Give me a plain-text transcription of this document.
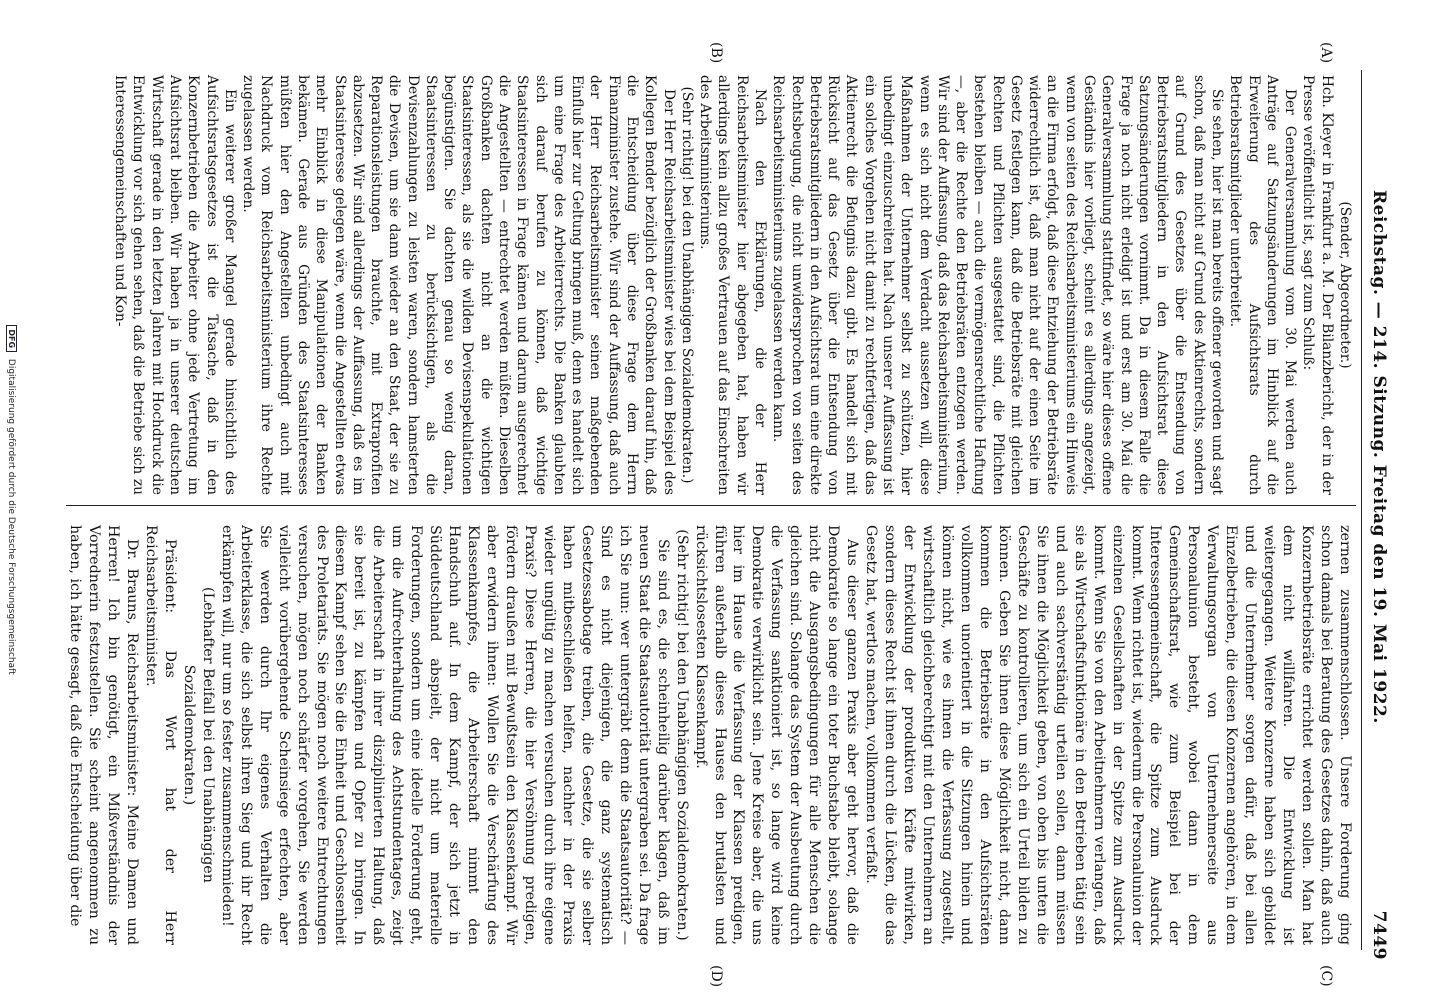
Reichstag. — 214. Sitzung. Freitag den 19. Mai 1922.
7449
(A)
(B)
(C)
(D)

(Sender, Abgeordneter.)

Hch. Kleyer in Frankfurt a. M. Der Bilanzbericht, der in der Presse veröffentlicht ist, sagt zum Schluß:

Der Generalversammlung vom 30. Mai werden auch Anträge auf Satzungsänderungen im Hinblick auf die Erweiterung des Aufsichtsrats durch Betriebsratsmitglieder unterbreitet.

Sie sehen, hier ist man bereits offener geworden und sagt schon, daß man nicht auf Grund des Aktienrechts, sondern auf Grund des Gesetzes über die Entsendung von Betriebsratsmitgliedern in den Aufsichtsrat diese Satzungsänderungen vornimmt. Da in diesem Falle die Frage ja noch nicht erledigt ist und erst am 30. Mai die Generalversammlung stattfindet, so wäre hier dieses offene Geständnis hier vorliegt, scheint es allerdings angezeigt, wenn von seiten des Reichsarbeitsministeriums ein Hinweis an die Firma erfolgt, daß diese Entziehung der Betriebsräte widerrechtlich ist, daß man nicht auf der einen Seite im Gesetz festlegen kann, daß die Betriebsräte mit gleichen Rechten und Pflichten ausgestattet sind, die Pflichten bestehen bleiben — auch die vermögensrechtliche Haftung —, aber die Rechte den Betriebsräten entzogen werden. Wir sind der Auffassung, daß das Reichsarbeitsministerium, wenn es sich nicht dem Verdacht aussetzen will, diese Maßnahmen der Unternehmer selbst zu schützen, hier unbedingt einzuschreiten hat. Nach unserer Auffassung ist ein solches Vorgehen nicht damit zu rechtfertigen, daß das Aktienrecht die Befugnis dazu gibt. Es handelt sich mit Rücksicht auf das Gesetz über die Entsendung von Betriebsratsmitgliedern in den Aufsichtsrat um eine direkte Rechtsbeugung, die nicht unwidersprochen von seiten des Reichsarbeitsministeriums zugelassen werden kann.

Nach den Erklärungen, die der Herr Reichsarbeitsminister hier abgegeben hat, haben wir allerdings kein allzu großes Vertrauen auf das Einschreiten des Arbeitsministeriums.

(Sehr richtig! bei den Unabhängigen Sozialdemokraten.)

Der Herr Reichsarbeitsminister wies bei dem Beispiel des Kollegen Bender bezüglich der Großbanken darauf hin, daß die Entscheidung über diese Frage dem Herrn Finanzminister zustehe. Wir sind der Auffassung, daß auch der Herr Reichsarbeitsminister seinen maßgebenden Einfluß hier zur Geltung bringen muß, denn es handelt sich um eine Frage des Arbeiterrechts. Die Banken glaubten sich darauf berufen zu können, daß wichtige Staatsinteressen in Frage kämen und darum ausgerechnet die Angestellten — entrechtet werden müßten. Dieselben Großbanken dachten nicht an die wichtigen Staatsinteressen, als sie die wilden Devisenspekulationen begünstigten. Sie dachten genau so wenig daran, Staatsinteressen zu berücksichtigen, als die Devisenzahlungen zu leisten waren, sondern hamsterten die Devisen, um sie dann wieder an den Staat, der sie zu Reparationsleistungen brauchte, mit Extraprofiten abzusetzen. Wir sind allerdings der Auffassung, daß es im Staatsinteresse gelegen wäre, wenn die Angestellten etwas mehr Einblick in diese Manipulationen der Banken bekämen. Gerade aus Gründen des Staatsinteresses müßten hier den Angestellten unbedingt auch mit Nachdruck vom Reichsarbeitsministerium ihre Rechte zugelassen werden.

Ein weiterer großer Mangel gerade hinsichtlich des Aufsichtsratsgesetzes ist die Tatsache, daß in den Konzernbetrieben die Arbeiter ohne jede Vertretung im Aufsichtsrat bleiben. Wir haben ja in unserer deutschen Wirtschaft gerade in den letzten Jahren mit Hochdruck die Entwicklung vor sich gehen sehen, daß die Betriebe sich zu Interessengemeinschaften und Kon-

zernen zusammenschlossen. Unsere Forderung ging schon damals bei Beratung des Gesetzes dahin, daß auch Konzernbetriebsräte errichtet werden sollen. Man hat dem nicht willfahren. Die Entwicklung ist weitergegangen. Weitere Konzerne haben sich gebildet und die Unternehmer sorgen dafür, daß bei allen Einzelbetrieben, die diesen Konzernen angehören, in dem Verwaltungsorgan von Unternehmerseite aus Personalunion besteht, wobei dann in dem Gemeinschaftsrat, wie zum Beispiel bei der Interessengemeinschaft, die Spitze zum Ausdruck kommt. Wenn richtet ist, wiederum die Personalunion der einzelnen Gesellschaften in der Spitze zum Ausdruck kommt. Wenn Sie von den Arbeitnehmern verlangen, daß sie als Wirtschaftsfunktionäre in den Betrieben tätig sein und auch sachverständig urteilen sollen, dann müssen Sie ihnen die Möglichkeit geben, von oben bis unten die Geschäfte zu kontrollieren, um sich ein Urteil bilden zu können. Geben Sie ihnen diese Möglichkeit nicht, dann kommen die Betriebsräte in den Aufsichtsräten vollkommen unorientiert in die Sitzungen hinein und können nicht, wie es ihnen die Verfassung zugestellt, wirtschaftlich gleichberechtigt mit den Unternehmern an der Entwicklung der produktiven Kräfte mitwirken, sondern dieses Recht ist ihnen durch die Lücken, die das Gesetz hat, wertlos machen, vollkommen verfaßt.

Aus dieser ganzen Praxis aber geht hervor, daß die Demokratie so lange ein toter Buchstabe bleibt, solange nicht die Ausgangsbedingungen für alle Menschen die gleichen sind. Solange das System der Ausbeutung durch die Verfassung sanktioniert ist, so lange wird keine Demokratie verwirklicht sein. Jene Kreise aber, die uns hier im Hause die Verfassung der Klassen predigen, führen außerhalb dieses Hauses den brutalsten und rücksichtslosesten Klassenkampf.

(Sehr richtig! bei den Unabhängigen Sozialdemokraten.)

Sie sind es, die scheinheilig darüber klagen, daß im neuen Staat die Staatsautorität untergraben sei. Da frage ich Sie nun: wer untergräbt denn die Staatsautorität? — Sind es nicht diejenigen, die ganz systematisch Gesetzessabotage treiben, die Gesetze, die sie selber haben mitbeschließen helfen, nachher in der Praxis wieder ungültig zu machen versuchen durch ihre eigene Praxis? Diese Herren, die hier Versöhnung predigen, fördern draußen mit Bewußtsein den Klassenkampf. Wir aber erwidern ihnen: Wollen Sie die Verschärfung des Klassenkampfes, die Arbeiterschaft nimmt den Handschuh auf. In dem Kampf, der sich jetzt in Süddeutschland abspielt, der nicht um materielle Forderungen, sondern um eine ideelle Forderung geht, um die Aufrechterhaltung des Achtstundentages, zeigt die Arbeiterschaft in ihrer disziplinierten Haltung, daß sie bereit ist, zu kämpfen und Opfer zu bringen. In diesem Kampf sehen Sie die Einheit und Geschlossenheit des Proletariats. Sie mögen noch weitere Entrechtungen versuchen, mögen noch schärfer vorgehen, Sie werden vielleicht vorübergehende Scheinsiege erfechten, aber Sie werden durch Ihr eigenes Verhalten die Arbeiterklasse, die sich selbst ihren Sieg und ihr Recht erkämpfen will, nur um so fester zusammenschmieden!

(Lebhafter Beifall bei den Unabhängigen Sozialdemokraten.)

Präsident: Das Wort hat der Herr Reichsarbeitsminister.

Dr. Brauns, Reichsarbeitsminister: Meine Damen und Herren! Ich bin genötigt, ein Mißverständnis der Vorrednerin festzustellen. Sie scheint angenommen zu haben, ich hätte gesagt, daß die Entscheidung über die

DFG Digitalisierung gefördert durch die Deutsche Forschungsgemeinschaft
